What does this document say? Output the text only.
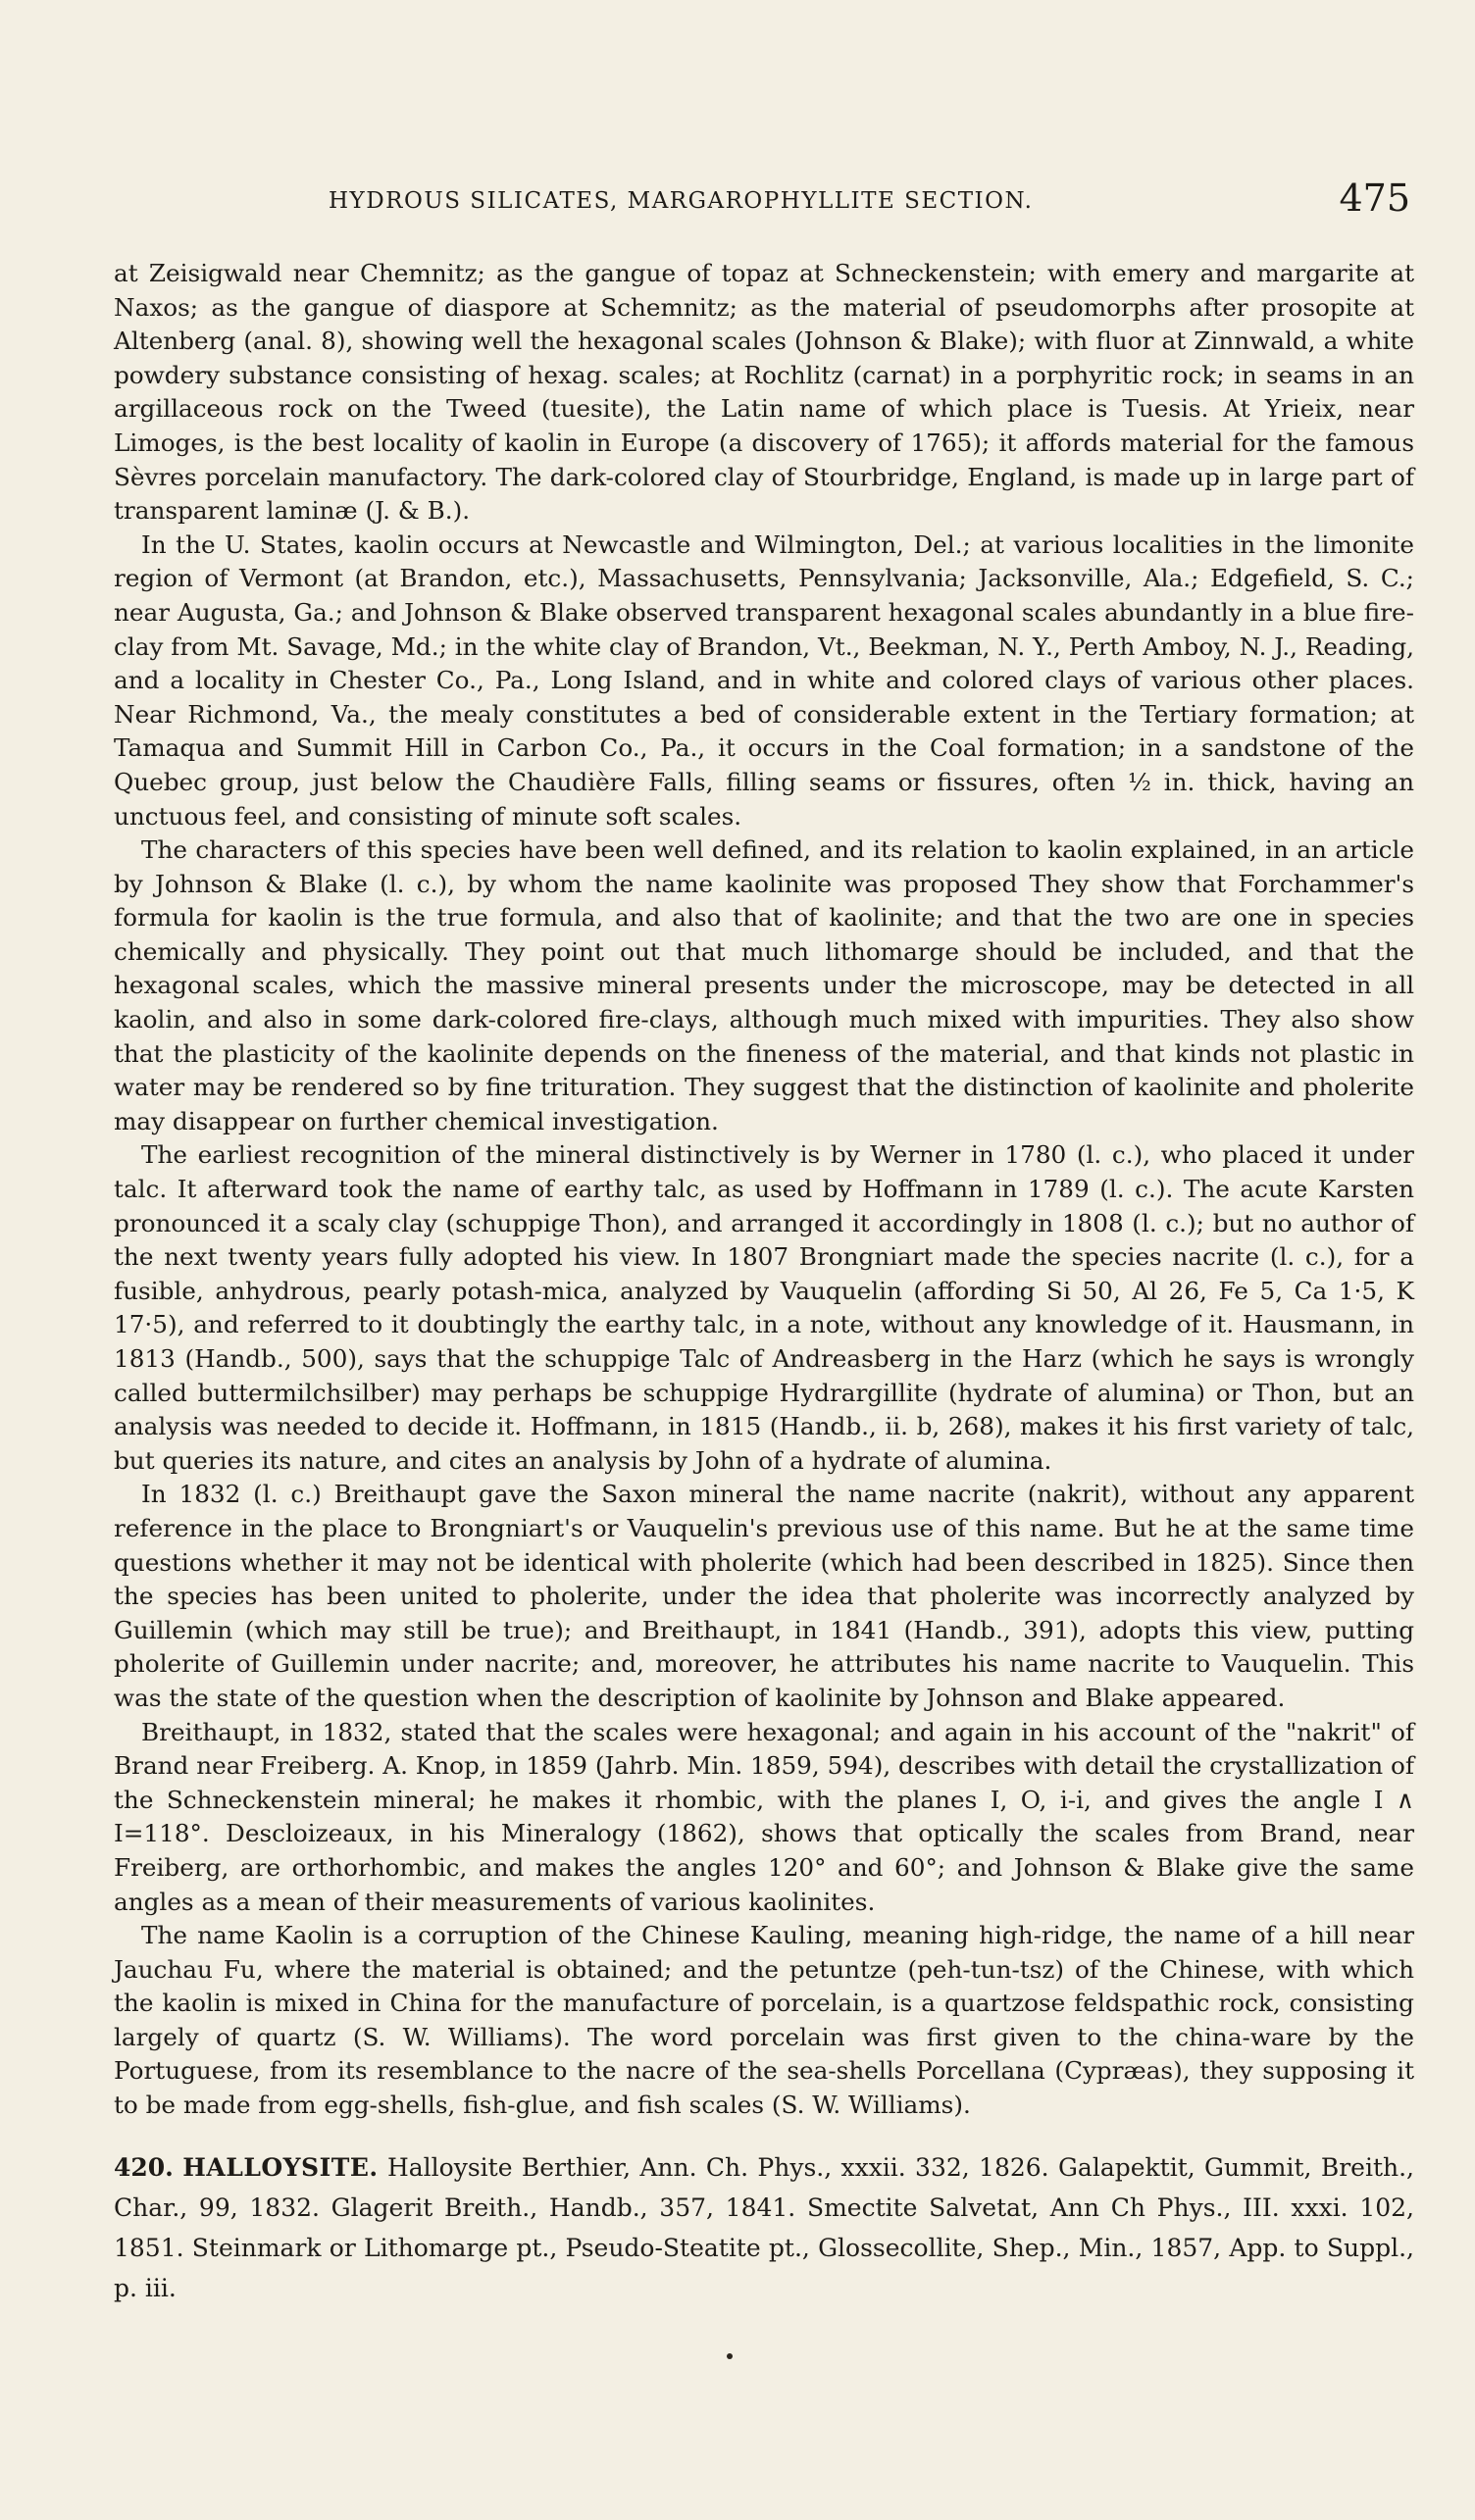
HYDROUS SILICATES, MARGAROPHYLLITE SECTION.	475

at Zeisigwald near Chemnitz; as the gangue of topaz at Schneckenstein; with emery and margarite at Naxos; as the gangue of diaspore at Schemnitz; as the material of pseudomorphs after prosopite at Altenberg (anal. 8), showing well the hexagonal scales (Johnson & Blake); with fluor at Zinnwald, a white powdery substance consisting of hexag. scales; at Rochlitz (carnat) in a porphyritic rock; in seams in an argillaceous rock on the Tweed (tuesite), the Latin name of which place is Tuesis. At Yrieix, near Limoges, is the best locality of kaolin in Europe (a discovery of 1765); it affords material for the famous Sèvres porcelain manufactory. The dark-colored clay of Stourbridge, England, is made up in large part of transparent laminæ (J. & B.).

In the U. States, kaolin occurs at Newcastle and Wilmington, Del.; at various localities in the limonite region of Vermont (at Brandon, etc.), Massachusetts, Pennsylvania; Jacksonville, Ala.; Edgefield, S. C.; near Augusta, Ga.; and Johnson & Blake observed transparent hexagonal scales abundantly in a blue fire-clay from Mt. Savage, Md.; in the white clay of Brandon, Vt., Beekman, N. Y., Perth Amboy, N. J., Reading, and a locality in Chester Co., Pa., Long Island, and in white and colored clays of various other places. Near Richmond, Va., the mealy constitutes a bed of considerable extent in the Tertiary formation; at Tamaqua and Summit Hill in Carbon Co., Pa., it occurs in the Coal formation; in a sandstone of the Quebec group, just below the Chaudière Falls, filling seams or fissures, often ½ in. thick, having an unctuous feel, and consisting of minute soft scales.

The characters of this species have been well defined, and its relation to kaolin explained, in an article by Johnson & Blake (l. c.), by whom the name kaolinite was proposed They show that Forchammer's formula for kaolin is the true formula, and also that of kaolinite; and that the two are one in species chemically and physically. They point out that much lithomarge should be included, and that the hexagonal scales, which the massive mineral presents under the microscope, may be detected in all kaolin, and also in some dark-colored fire-clays, although much mixed with impurities. They also show that the plasticity of the kaolinite depends on the fineness of the material, and that kinds not plastic in water may be rendered so by fine trituration. They suggest that the distinction of kaolinite and pholerite may disappear on further chemical investigation.

The earliest recognition of the mineral distinctively is by Werner in 1780 (l. c.), who placed it under talc. It afterward took the name of earthy talc, as used by Hoffmann in 1789 (l. c.). The acute Karsten pronounced it a scaly clay (schuppige Thon), and arranged it accordingly in 1808 (l. c.); but no author of the next twenty years fully adopted his view. In 1807 Brongniart made the species nacrite (l. c.), for a fusible, anhydrous, pearly potash-mica, analyzed by Vauquelin (affording Si 50, Al 26, Fe 5, Ca 1·5, K 17·5), and referred to it doubtingly the earthy talc, in a note, without any knowledge of it. Hausmann, in 1813 (Handb., 500), says that the schuppige Talc of Andreasberg in the Harz (which he says is wrongly called buttermilchsilber) may perhaps be schuppige Hydrargillite (hydrate of alumina) or Thon, but an analysis was needed to decide it. Hoffmann, in 1815 (Handb., ii. b, 268), makes it his first variety of talc, but queries its nature, and cites an analysis by John of a hydrate of alumina.

In 1832 (l. c.) Breithaupt gave the Saxon mineral the name nacrite (nakrit), without any apparent reference in the place to Brongniart's or Vauquelin's previous use of this name. But he at the same time questions whether it may not be identical with pholerite (which had been described in 1825). Since then the species has been united to pholerite, under the idea that pholerite was incorrectly analyzed by Guillemin (which may still be true); and Breithaupt, in 1841 (Handb., 391), adopts this view, putting pholerite of Guillemin under nacrite; and, moreover, he attributes his name nacrite to Vauquelin. This was the state of the question when the description of kaolinite by Johnson and Blake appeared.

Breithaupt, in 1832, stated that the scales were hexagonal; and again in his account of the "nakrit" of Brand near Freiberg. A. Knop, in 1859 (Jahrb. Min. 1859, 594), describes with detail the crystallization of the Schneckenstein mineral; he makes it rhombic, with the planes I, O, i-i, and gives the angle I ∧ I=118°. Descloizeaux, in his Mineralogy (1862), shows that optically the scales from Brand, near Freiberg, are orthorhombic, and makes the angles 120° and 60°; and Johnson & Blake give the same angles as a mean of their measurements of various kaolinites.

The name Kaolin is a corruption of the Chinese Kauling, meaning high-ridge, the name of a hill near Jauchau Fu, where the material is obtained; and the petuntze (peh-tun-tsz) of the Chinese, with which the kaolin is mixed in China for the manufacture of porcelain, is a quartzose feldspathic rock, consisting largely of quartz (S. W. Williams). The word porcelain was first given to the china-ware by the Portuguese, from its resemblance to the nacre of the sea-shells Porcellana (Cypræas), they supposing it to be made from egg-shells, fish-glue, and fish scales (S. W. Williams).

420. HALLOYSITE. Halloysite Berthier, Ann. Ch. Phys., xxxii. 332, 1826. Galapektit, Gummit, Breith., Char., 99, 1832. Glagerit Breith., Handb., 357, 1841. Smectite Salvetat, Ann Ch Phys., III. xxxi. 102, 1851. Steinmark or Lithomarge pt., Pseudo-Steatite pt., Glossecollite, Shep., Min., 1857, App. to Suppl., p. iii.
